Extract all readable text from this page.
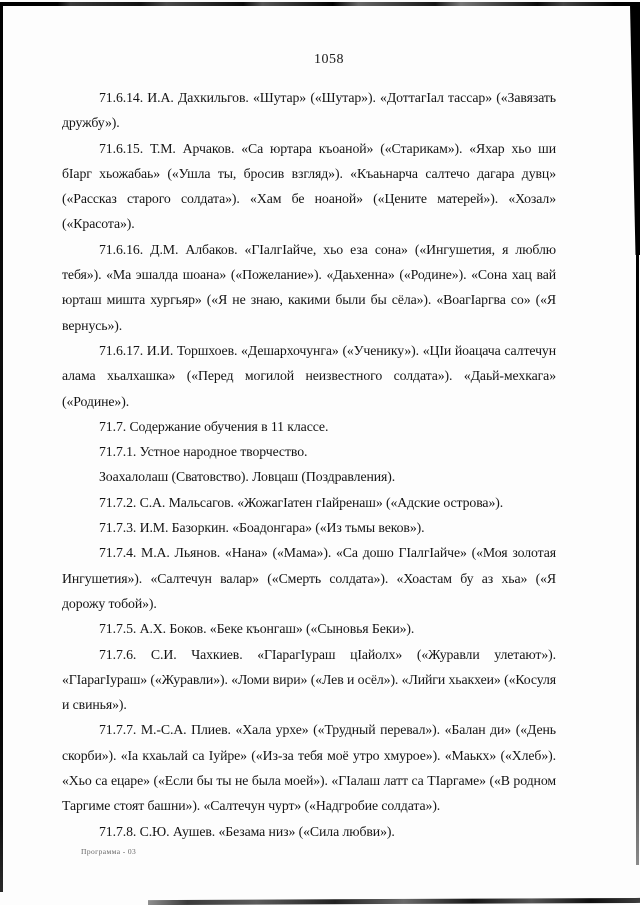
1058

71.6.14. И.А. Дахкильгов. «Шутар» («Шутар»). «ДоттагIал тассар» («Завязать дружбу»).

71.6.15. Т.М. Арчаков. «Са юртара къоаной» («Старикам»). «Яхар хьо ши бIарг хьожабаь» («Ушла ты, бросив взгляд»). «Къаьнарча салтечо дагара дувц» («Рассказ старого солдата»). «Хам бе ноаной» («Цените матерей»). «Хозал» («Красота»).

71.6.16. Д.М. Албаков. «ГIалгIайче, хьо еза сона» («Ингушетия, я люблю тебя»). «Ма эшалда шоана» («Пожелание»). «Даьхенна» («Родине»). «Сона хац вай юрташ мишта хургьяр» («Я не знаю, какими были бы сёла»). «ВоагIаргва со» («Я вернусь»).

71.6.17. И.И. Торшхоев. «Дешархочунга» («Ученику»). «ЦIи йоацача салтечун алама хьалхашка» («Перед могилой неизвестного солдата»). «Даьй-мехкага» («Родине»).

71.7. Содержание обучения в 11 классе.

71.7.1. Устное народное творчество.

Зоахалолаш (Сватовство). Ловцаш (Поздравления).

71.7.2. С.А. Мальсагов. «ЖожагIатен гIайренаш» («Адские острова»).

71.7.3. И.М. Базоркин. «Боадонгара» («Из тьмы веков»).

71.7.4. М.А. Льянов. «Нана» («Мама»). «Са дошо ГIалгIайче» («Моя золотая Ингушетия»). «Салтечун валар» («Смерть солдата»). «Хоастам бу аз хьа» («Я дорожу тобой»).

71.7.5. А.Х. Боков. «Беке къонгаш» («Сыновья Беки»).

71.7.6. С.И. Чахкиев. «ГIарагIураш цIайолх» («Журавли улетают»). «ГIарагIураш» («Журавли»). «Ломи вири» («Лев и осёл»). «Лийги хьакхеи» («Косуля и свинья»).

71.7.7. М.-С.А. Плиев. «Хала урхе» («Трудный перевал»). «Балан ди» («День скорби»). «Iа кхаьлай са Iуйре» («Из-за тебя моё утро хмурое»). «Маькх» («Хлеб»). «Хьо са ецаре» («Если бы ты не была моей»). «ГIалаш латт са ТIаргаме» («В родном Таргиме стоят башни»). «Салтечун чурт» («Надгробие солдата»).

71.7.8. С.Ю. Аушев. «Безама низ» («Сила любви»).

Программа - 03
